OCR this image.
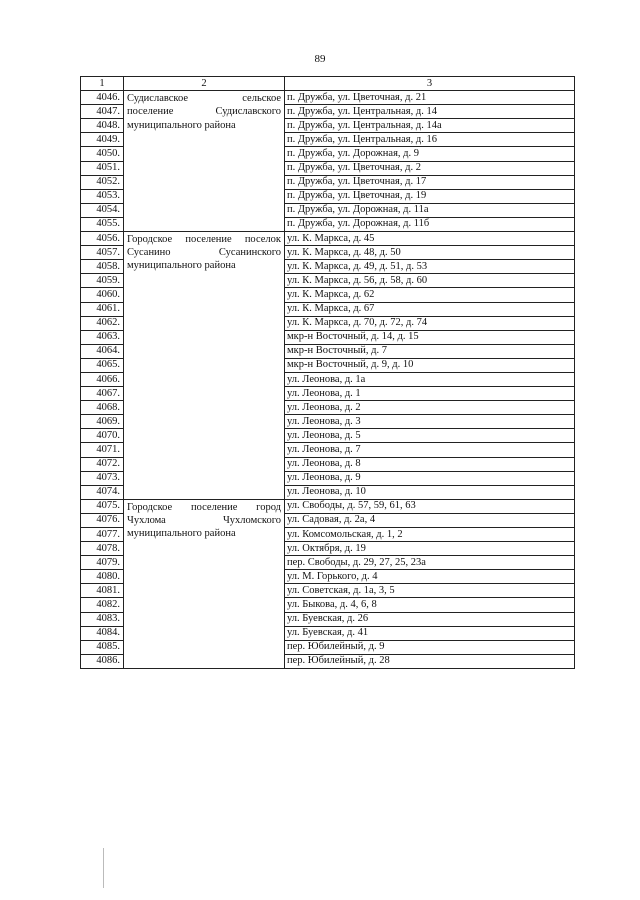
89
1	2	3
4046.	Судиславское сельское
поселение Судиславского
муниципального района	п. Дружба, ул. Цветочная, д. 21
4047.		п. Дружба, ул. Центральная, д. 14
4048.		п. Дружба, ул. Центральная, д. 14а
4049.		п. Дружба, ул. Центральная, д. 16
4050.		п. Дружба, ул. Дорожная, д. 9
4051.		п. Дружба, ул. Цветочная, д. 2
4052.		п. Дружба, ул. Цветочная, д. 17
4053.		п. Дружба, ул. Цветочная, д. 19
4054.		п. Дружба, ул. Дорожная, д. 11а
4055.		п. Дружба, ул. Дорожная, д. 11б
4056.	Городское поселение поселок
Сусанино Сусанинского
муниципального района	ул. К. Маркса, д. 45
4057.		ул. К. Маркса, д. 48, д. 50
4058.		ул. К. Маркса, д. 49, д. 51, д. 53
4059.		ул. К. Маркса, д. 56, д. 58, д. 60
4060.		ул. К. Маркса, д. 62
4061.		ул. К. Маркса, д. 67
4062.		ул. К. Маркса, д. 70, д. 72, д. 74
4063.		мкр-н Восточный, д. 14, д. 15
4064.		мкр-н Восточный, д. 7
4065.		мкр-н Восточный, д. 9, д. 10
4066.		ул. Леонова, д. 1а
4067.		ул. Леонова, д. 1
4068.		ул. Леонова, д. 2
4069.		ул. Леонова, д. 3
4070.		ул. Леонова, д. 5
4071.		ул. Леонова, д. 7
4072.		ул. Леонова, д. 8
4073.		ул. Леонова, д. 9
4074.		ул. Леонова, д. 10
4075.	Городское поселение город
Чухлома Чухломского
муниципального района	ул. Свободы, д. 57, 59, 61, 63
4076.		ул. Садовая, д. 2а, 4
4077.		ул. Комсомольская, д. 1, 2
4078.		ул. Октября, д. 19
4079.		пер. Свободы, д. 29, 27, 25, 23а
4080.		ул. М. Горького, д. 4
4081.		ул. Советская, д. 1а, 3, 5
4082.		ул. Быкова, д. 4, 6, 8
4083.		ул. Буевская, д. 26
4084.		ул. Буевская, д. 41
4085.		пер. Юбилейный, д. 9
4086.		пер. Юбилейный, д. 28
